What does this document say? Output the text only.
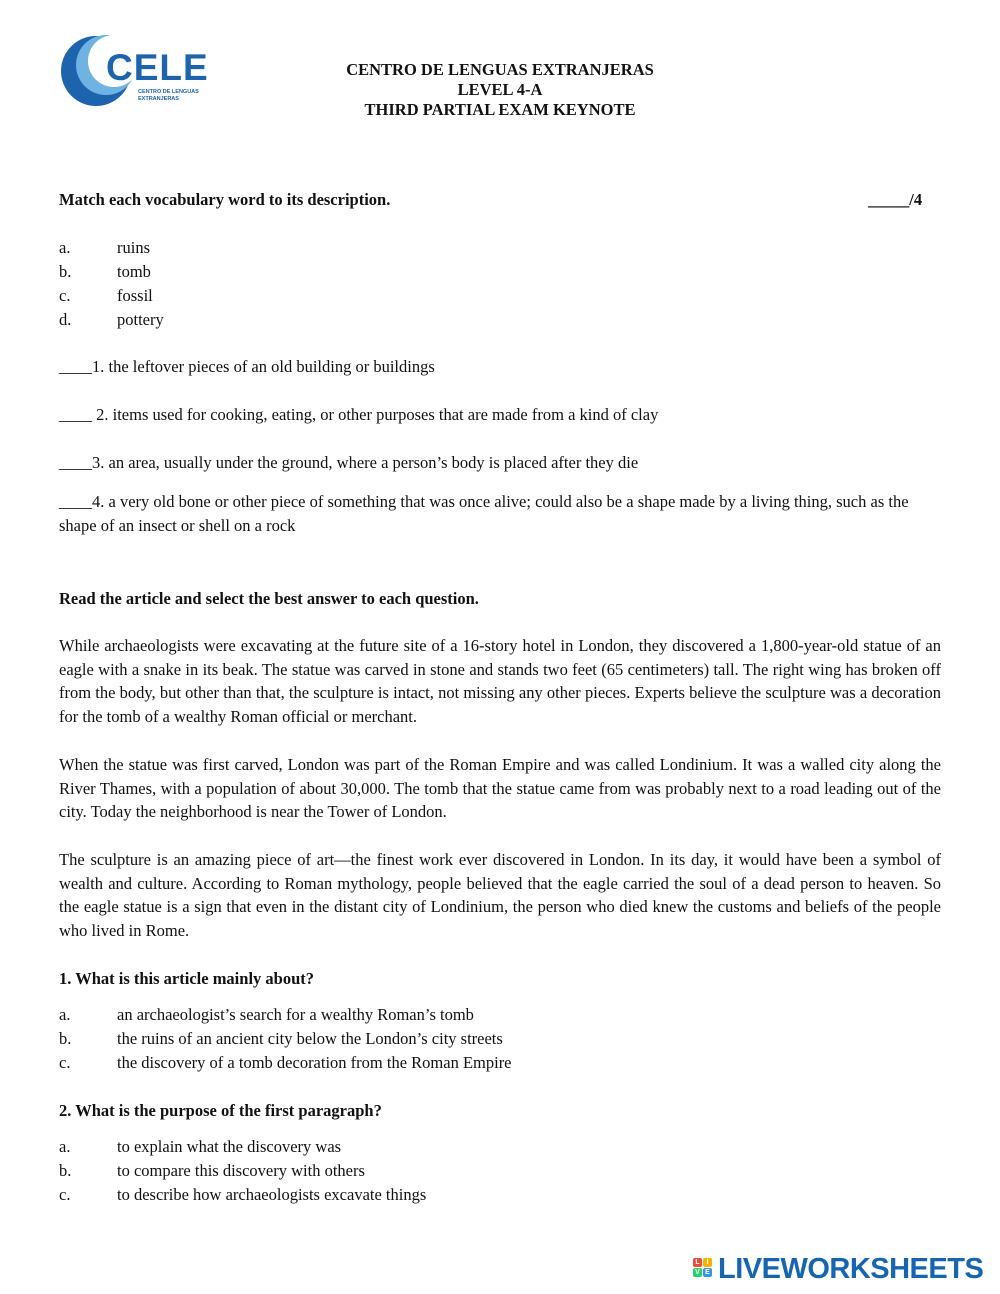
CELE
CENTRO DE LENGUAS
EXTRANJERAS
CENTRO DE LENGUAS EXTRANJERAS
LEVEL 4-A
THIRD PARTIAL EXAM KEYNOTE
Match each vocabulary word to its description.	_____/4
a.	ruins
b.	tomb
c.	fossil
d.	pottery
____1. the leftover pieces of an old building or buildings
____ 2. items used for cooking, eating, or other purposes that are made from a kind of clay
____3. an area, usually under the ground, where a person’s body is placed after they die
____4. a very old bone or other piece of something that was once alive; could also be a shape made by a living thing, such as the shape of an insect or shell on a rock
Read the article and select the best answer to each question.
While archaeologists were excavating at the future site of a 16-story hotel in London, they discovered a 1,800-year-old statue of an eagle with a snake in its beak. The statue was carved in stone and stands two feet (65 centimeters) tall. The right wing has broken off from the body, but other than that, the sculpture is intact, not missing any other pieces. Experts believe the sculpture was a decoration for the tomb of a wealthy Roman official or merchant.
When the statue was first carved, London was part of the Roman Empire and was called Londinium. It was a walled city along the River Thames, with a population of about 30,000. The tomb that the statue came from was probably next to a road leading out of the city. Today the neighborhood is near the Tower of London.
The sculpture is an amazing piece of art—the finest work ever discovered in London. In its day, it would have been a symbol of wealth and culture. According to Roman mythology, people believed that the eagle carried the soul of a dead person to heaven. So the eagle statue is a sign that even in the distant city of Londinium, the person who died knew the customs and beliefs of the people who lived in Rome.
1. What is this article mainly about?
a.	an archaeologist’s search for a wealthy Roman’s tomb
b.	the ruins of an ancient city below the London’s city streets
c.	the discovery of a tomb decoration from the Roman Empire
2. What is the purpose of the first paragraph?
a.	to explain what the discovery was
b.	to compare this discovery with others
c.	to describe how archaeologists excavate things
L I
V E LIVEWORKSHEETS
